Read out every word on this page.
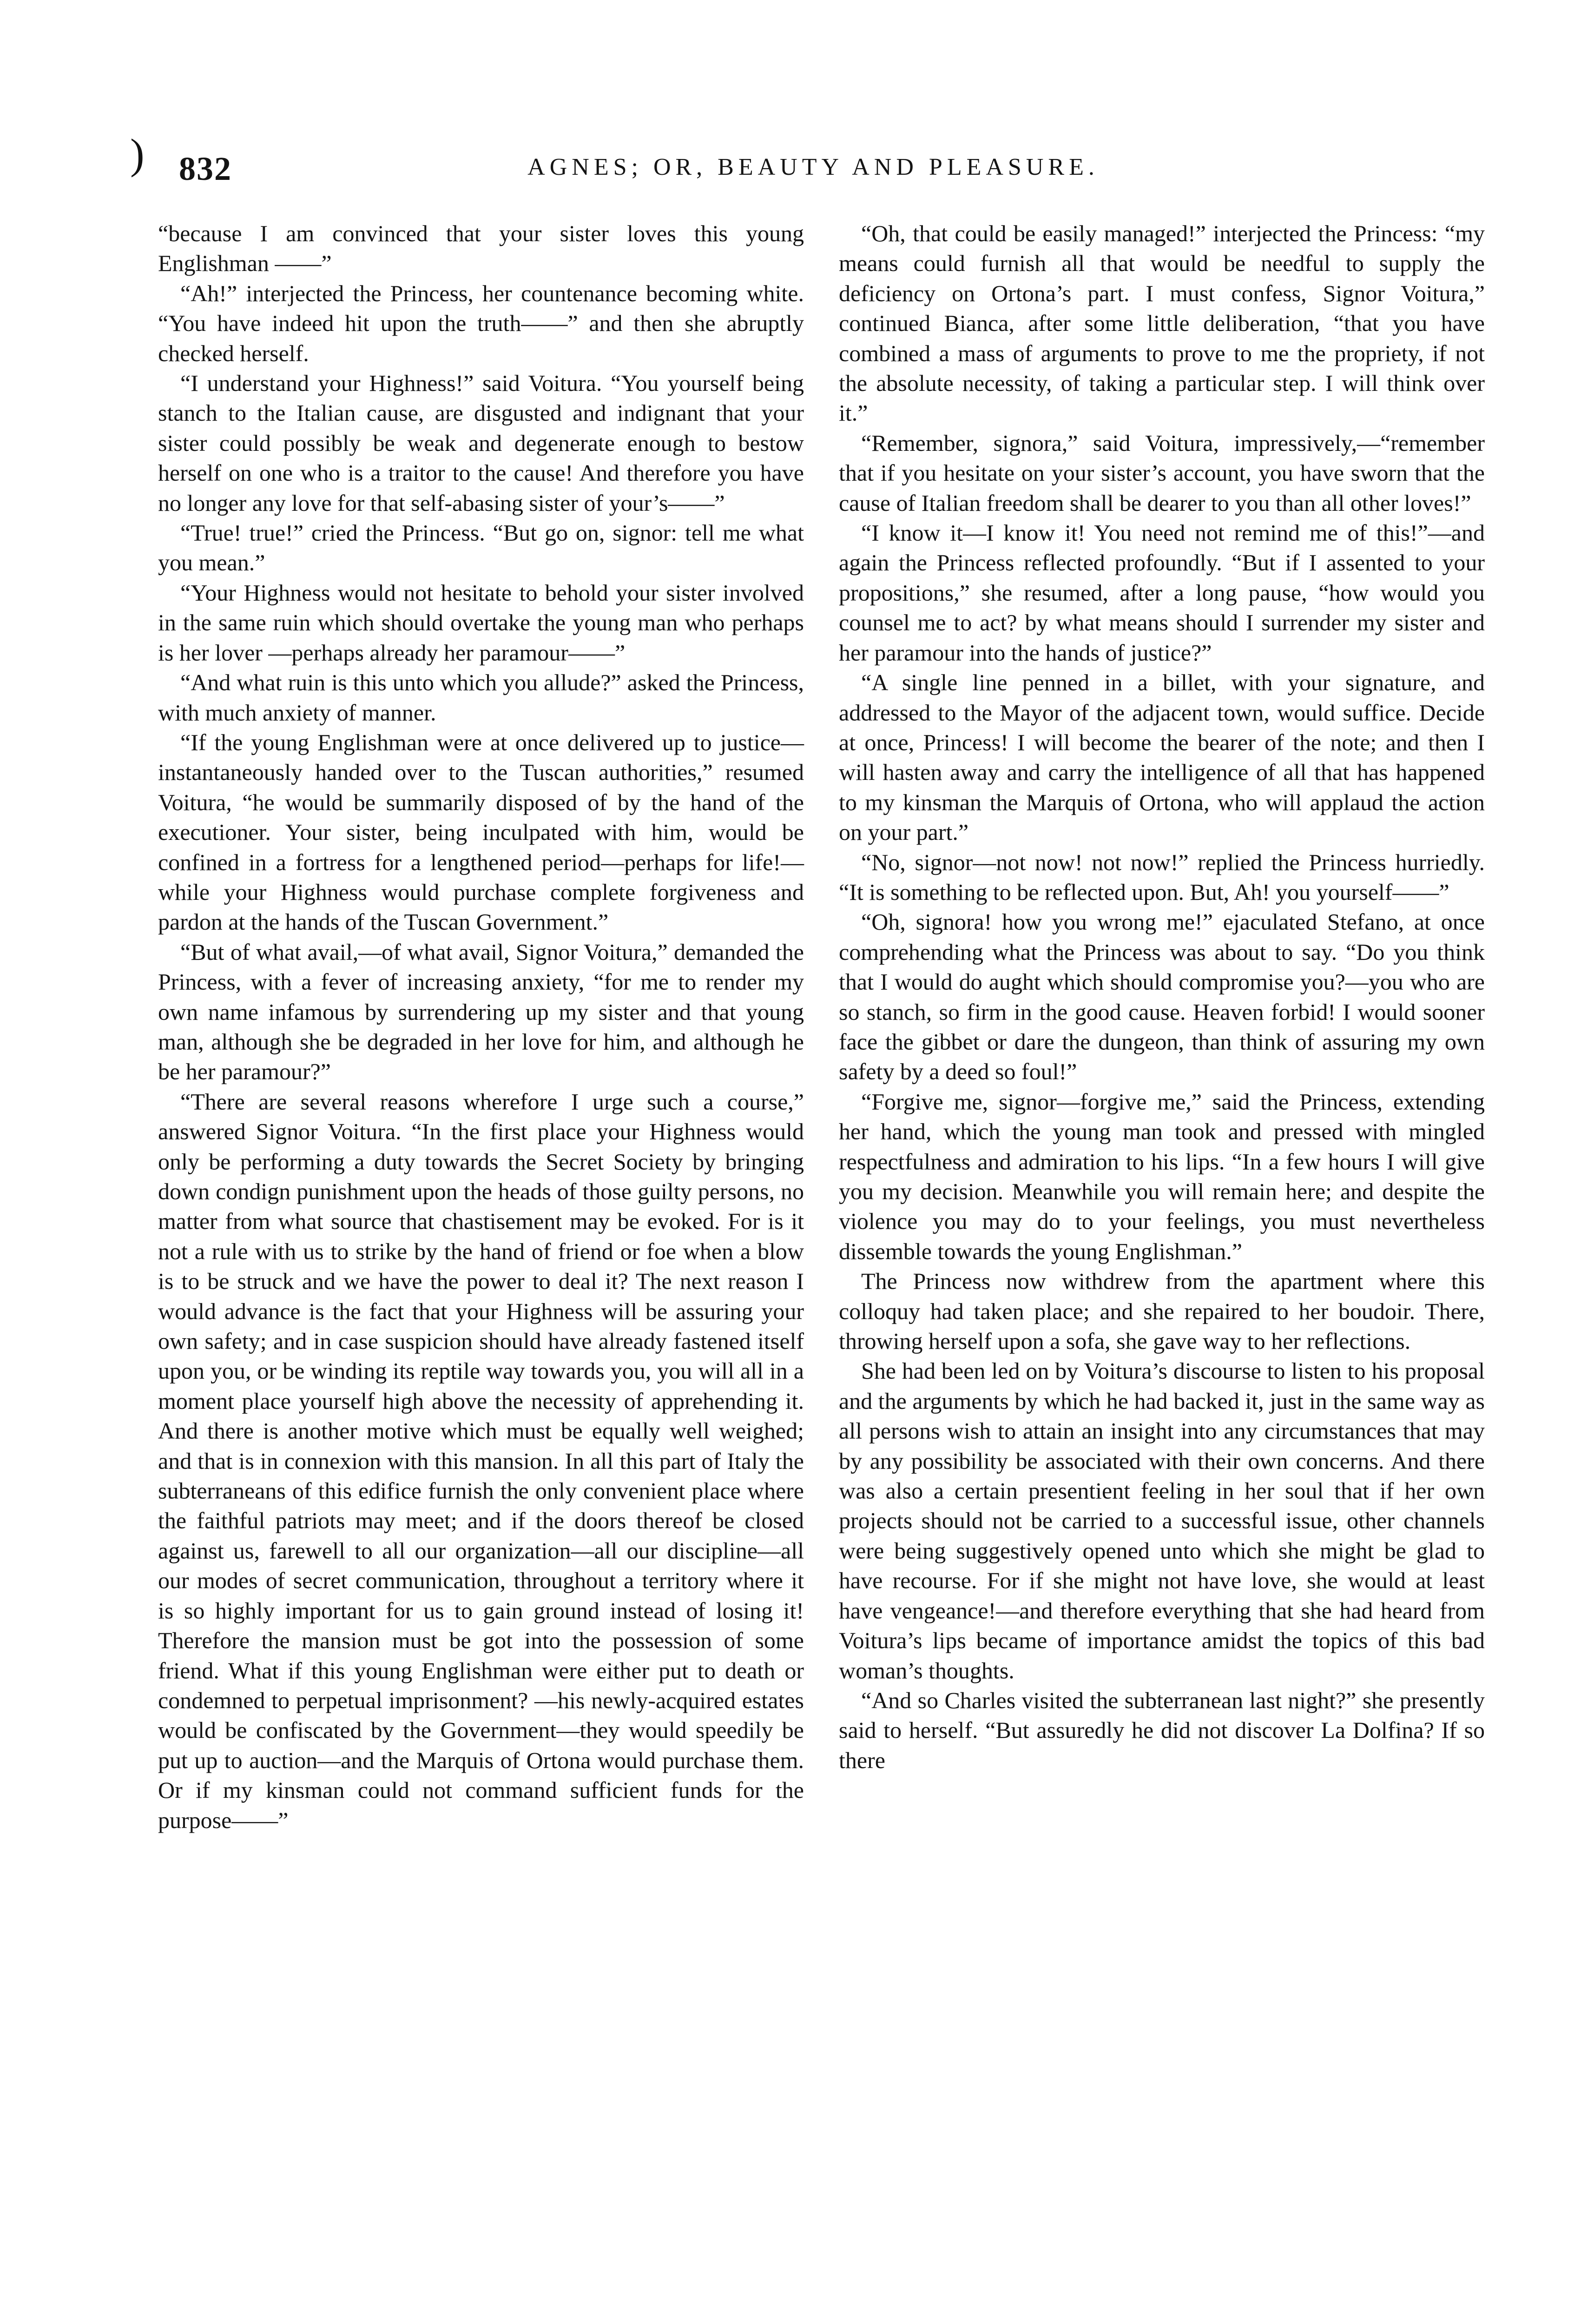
) 832	AGNES; OR, BEAUTY AND PLEASURE.

“because I am convinced that your sister loves this young Englishman ——”

“Ah!” interjected the Princess, her countenance becoming white. “You have indeed hit upon the truth——” and then she abruptly checked herself.

“I understand your Highness!” said Voitura. “You yourself being stanch to the Italian cause, are disgusted and indignant that your sister could possibly be weak and degenerate enough to bestow herself on one who is a traitor to the cause! And therefore you have no longer any love for that self-abasing sister of your’s——”

“True! true!” cried the Princess. “But go on, signor: tell me what you mean.”

“Your Highness would not hesitate to behold your sister involved in the same ruin which should overtake the young man who perhaps is her lover —perhaps already her paramour——”

“And what ruin is this unto which you allude?” asked the Princess, with much anxiety of manner.

“If the young Englishman were at once delivered up to justice—instantaneously handed over to the Tuscan authorities,” resumed Voitura, “he would be summarily disposed of by the hand of the executioner. Your sister, being inculpated with him, would be confined in a fortress for a lengthened period—perhaps for life!—while your Highness would purchase complete forgiveness and pardon at the hands of the Tuscan Government.”

“But of what avail,—of what avail, Signor Voitura,” demanded the Princess, with a fever of increasing anxiety, “for me to render my own name infamous by surrendering up my sister and that young man, although she be degraded in her love for him, and although he be her paramour?”

“There are several reasons wherefore I urge such a course,” answered Signor Voitura. “In the first place your Highness would only be performing a duty towards the Secret Society by bringing down condign punishment upon the heads of those guilty persons, no matter from what source that chastisement may be evoked. For is it not a rule with us to strike by the hand of friend or foe when a blow is to be struck and we have the power to deal it? The next reason I would advance is the fact that your Highness will be assuring your own safety; and in case suspicion should have already fastened itself upon you, or be winding its reptile way towards you, you will all in a moment place yourself high above the necessity of apprehending it. And there is another motive which must be equally well weighed; and that is in connexion with this mansion. In all this part of Italy the subterraneans of this edifice furnish the only convenient place where the faithful patriots may meet; and if the doors thereof be closed against us, farewell to all our organization—all our discipline—all our modes of secret communication, throughout a territory where it is so highly important for us to gain ground instead of losing it! Therefore the mansion must be got into the possession of some friend. What if this young Englishman were either put to death or condemned to perpetual imprisonment? —his newly-acquired estates would be confiscated by the Government—they would speedily be put up to auction—and the Marquis of Ortona would purchase them. Or if my kinsman could not command sufficient funds for the purpose——”

“Oh, that could be easily managed!” interjected the Princess: “my means could furnish all that would be needful to supply the deficiency on Ortona’s part. I must confess, Signor Voitura,” continued Bianca, after some little deliberation, “that you have combined a mass of arguments to prove to me the propriety, if not the absolute necessity, of taking a particular step. I will think over it.”

“Remember, signora,” said Voitura, impressively,—“remember that if you hesitate on your sister’s account, you have sworn that the cause of Italian freedom shall be dearer to you than all other loves!”

“I know it—I know it! You need not remind me of this!”—and again the Princess reflected profoundly. “But if I assented to your propositions,” she resumed, after a long pause, “how would you counsel me to act? by what means should I surrender my sister and her paramour into the hands of justice?”

“A single line penned in a billet, with your signature, and addressed to the Mayor of the adjacent town, would suffice. Decide at once, Princess! I will become the bearer of the note; and then I will hasten away and carry the intelligence of all that has happened to my kinsman the Marquis of Ortona, who will applaud the action on your part.”

“No, signor—not now! not now!” replied the Princess hurriedly. “It is something to be reflected upon. But, Ah! you yourself——”

“Oh, signora! how you wrong me!” ejaculated Stefano, at once comprehending what the Princess was about to say. “Do you think that I would do aught which should compromise you?—you who are so stanch, so firm in the good cause. Heaven forbid! I would sooner face the gibbet or dare the dungeon, than think of assuring my own safety by a deed so foul!”

“Forgive me, signor—forgive me,” said the Princess, extending her hand, which the young man took and pressed with mingled respectfulness and admiration to his lips. “In a few hours I will give you my decision. Meanwhile you will remain here; and despite the violence you may do to your feelings, you must nevertheless dissemble towards the young Englishman.”

The Princess now withdrew from the apartment where this colloquy had taken place; and she repaired to her boudoir. There, throwing herself upon a sofa, she gave way to her reflections.

She had been led on by Voitura’s discourse to listen to his proposal and the arguments by which he had backed it, just in the same way as all persons wish to attain an insight into any circumstances that may by any possibility be associated with their own concerns. And there was also a certain presentient feeling in her soul that if her own projects should not be carried to a successful issue, other channels were being suggestively opened unto which she might be glad to have recourse. For if she might not have love, she would at least have vengeance!—and therefore everything that she had heard from Voitura’s lips became of importance amidst the topics of this bad woman’s thoughts.

“And so Charles visited the subterranean last night?” she presently said to herself. “But assuredly he did not discover La Dolfina? If so there
